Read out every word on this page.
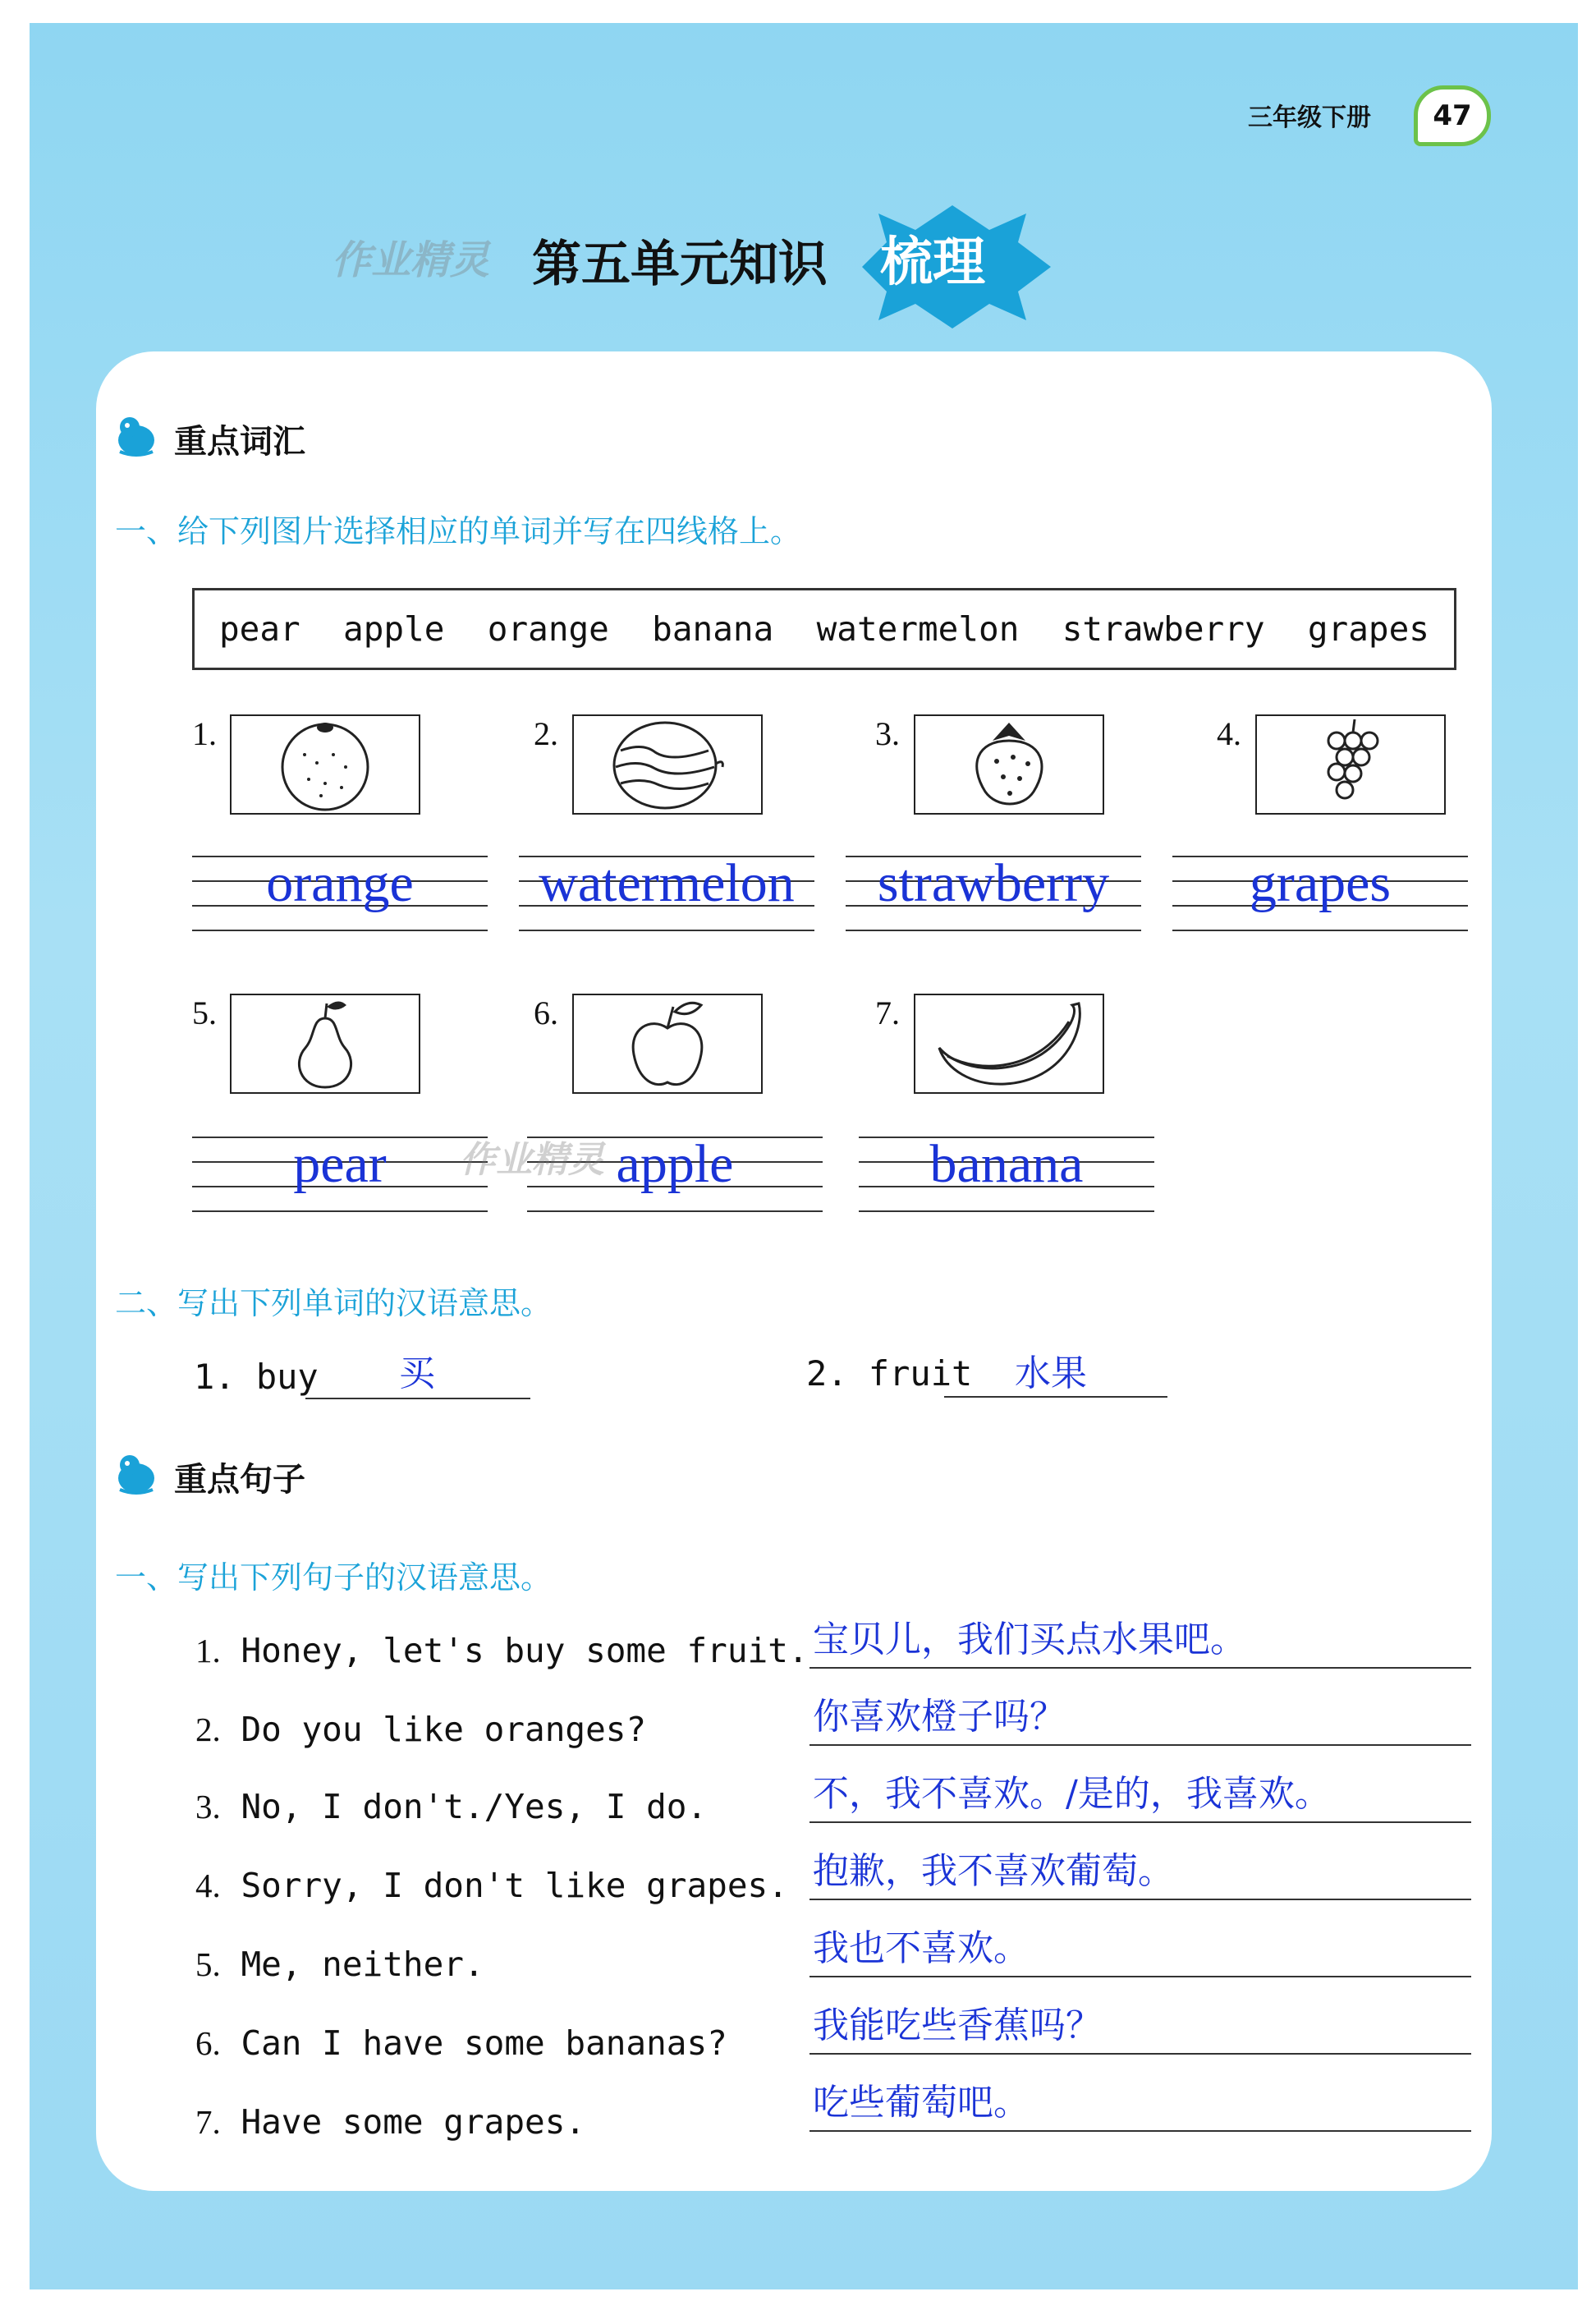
三年级下册 47
作业精灵 第五单元知识 梳理
重点词汇
一、给下列图片选择相应的单词并写在四线格上。
pear apple orange banana watermelon strawberry grapes
1.	2.	3.	4.
orange	watermelon	strawberry	grapes
5.	6.	7.
pear	apple	banana
作业精灵
二、写出下列单词的汉语意思。
1. buy 买	2. fruit 水果
重点句子
一、写出下列句子的汉语意思。
1. Honey, let's buy some fruit. 宝贝儿，我们买点水果吧。
2. Do you like oranges?	你喜欢橙子吗？
3. No, I don't./Yes, I do.	不，我不喜欢。/是的，我喜欢。
4. Sorry, I don't like grapes. 抱歉，我不喜欢葡萄。
5. Me, neither.	我也不喜欢。
6. Can I have some bananas? 我能吃些香蕉吗？
7. Have some grapes.	吃些葡萄吧。
